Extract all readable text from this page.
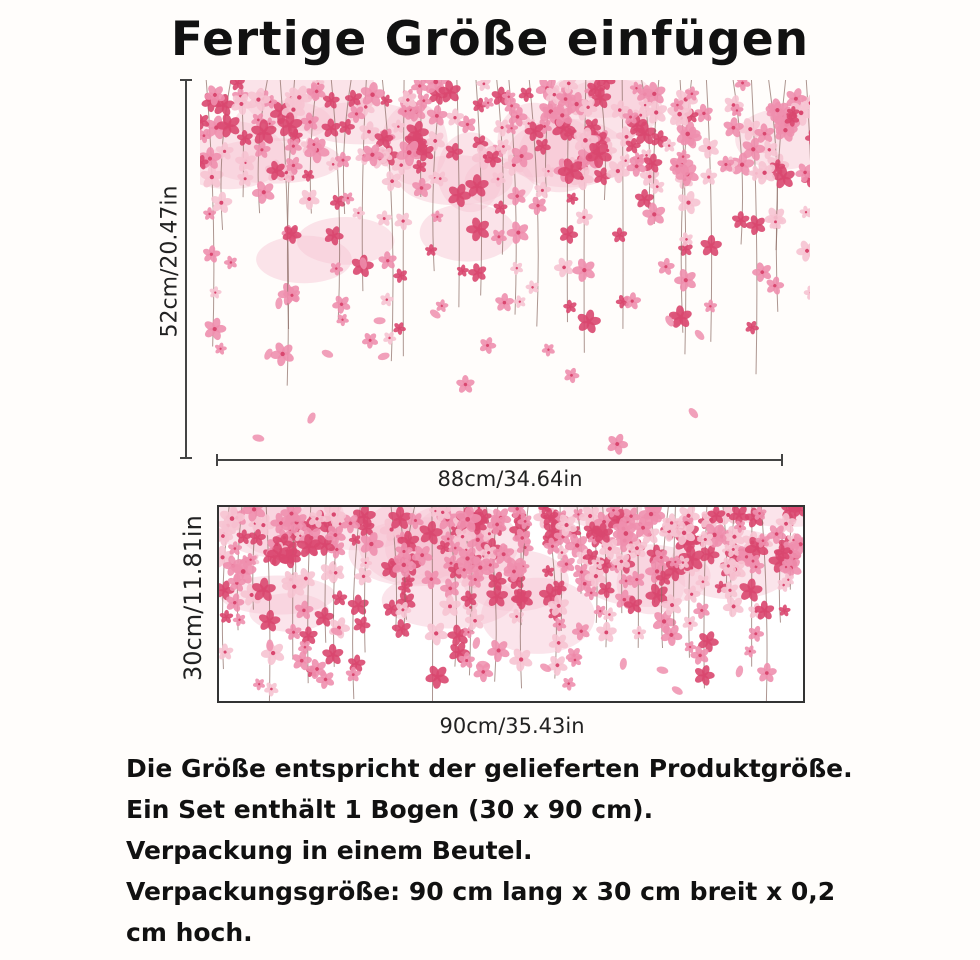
Fertige Größe einfügen
52cm/20.47in
88cm/34.64in
30cm/11.81in
90cm/35.43in
Die Größe entspricht der gelieferten Produktgröße.
Ein Set enthält 1 Bogen (30 x 90 cm).
Verpackung in einem Beutel.
Verpackungsgröße: 90 cm lang x 30 cm breit x 0,2
cm hoch.
